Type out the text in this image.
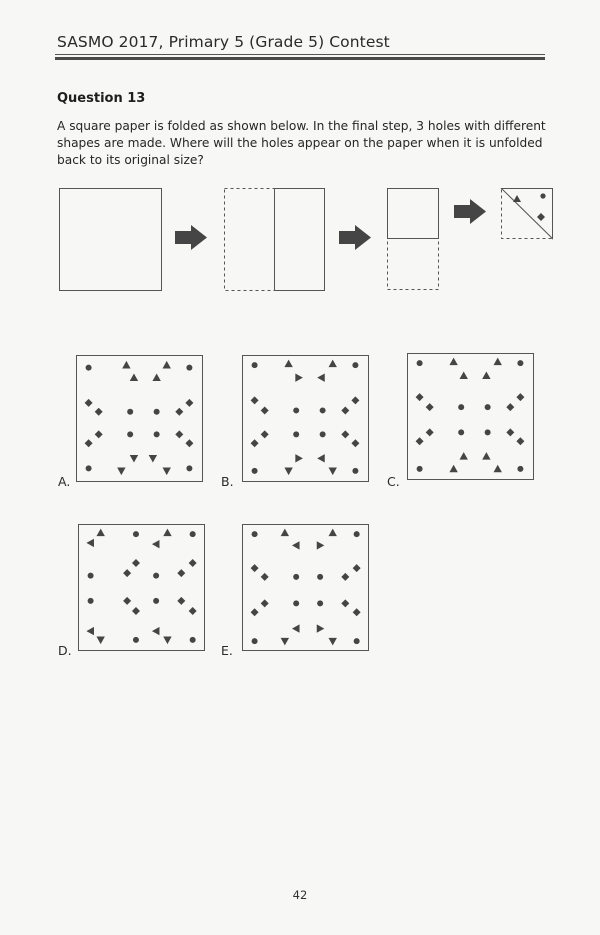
SASMO 2017, Primary 5 (Grade 5) Contest
Question 13
A square paper is folded as shown below. In the final step, 3 holes with different shapes are made. Where will the holes appear on the paper when it is unfolded back to its original size?
A.	B.	C.
D.	E.
42
